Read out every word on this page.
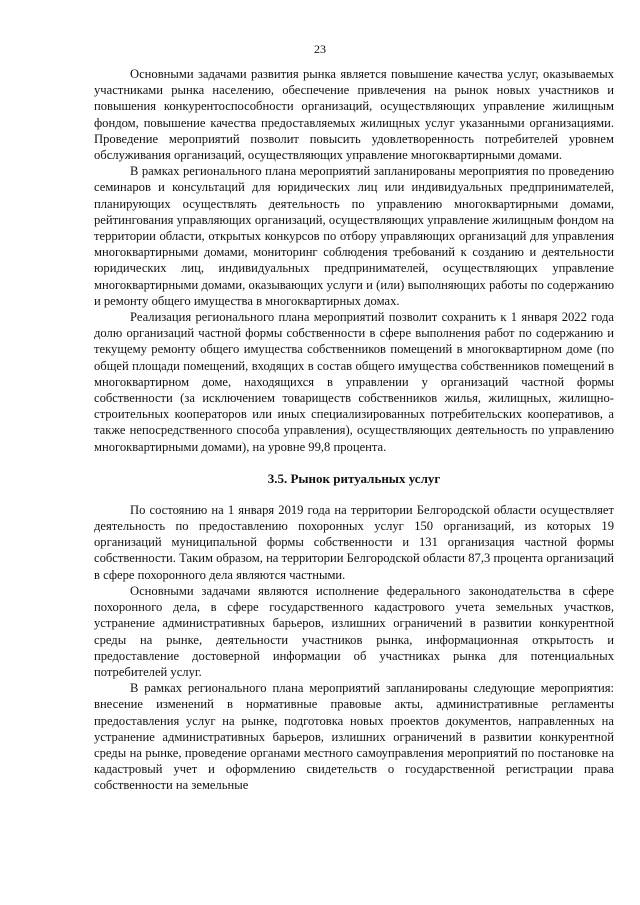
23

Основными задачами развития рынка является повышение качества услуг, оказываемых участниками рынка населению, обеспечение привлечения на рынок новых участников и повышения конкурентоспособности организаций, осуществляющих управление жилищным фондом, повышение качества предоставляемых жилищных услуг указанными организациями. Проведение мероприятий позволит повысить удовлетворенность потребителей уровнем обслуживания организаций, осуществляющих управление многоквартирными домами.

В рамках регионального плана мероприятий запланированы мероприятия по проведению семинаров и консультаций для юридических лиц или индивидуальных предпринимателей, планирующих осуществлять деятельность по управлению многоквартирными домами, рейтингования управляющих организаций, осуществляющих управление жилищным фондом на территории области, открытых конкурсов по отбору управляющих организаций для управления многоквартирными домами, мониторинг соблюдения требований к созданию и деятельности юридических лиц, индивидуальных предпринимателей, осуществляющих управление многоквартирными домами, оказывающих услуги и (или) выполняющих работы по содержанию и ремонту общего имущества в многоквартирных домах.

Реализация регионального плана мероприятий позволит сохранить к 1 января 2022 года долю организаций частной формы собственности в сфере выполнения работ по содержанию и текущему ремонту общего имущества собственников помещений в многоквартирном доме (по общей площади помещений, входящих в состав общего имущества собственников помещений в многоквартирном доме, находящихся в управлении у организаций частной формы собственности (за исключением товариществ собственников жилья, жилищных, жилищно-строительных кооператоров или иных специализированных потребительских кооперативов, а также непосредственного способа управления), осуществляющих деятельность по управлению многоквартирными домами), на уровне 99,8 процента.

3.5. Рынок ритуальных услуг

По состоянию на 1 января 2019 года на территории Белгородской области осуществляет деятельность по предоставлению похоронных услуг 150 организаций, из которых 19 организаций муниципальной формы собственности и 131 организация частной формы собственности. Таким образом, на территории Белгородской области 87,3 процента организаций в сфере похоронного дела являются частными.

Основными задачами являются исполнение федерального законодательства в сфере похоронного дела, в сфере государственного кадастрового учета земельных участков, устранение административных барьеров, излишних ограничений в развитии конкурентной среды на рынке, деятельности участников рынка, информационная открытость и предоставление достоверной информации об участниках рынка для потенциальных потребителей услуг.

В рамках регионального плана мероприятий запланированы следующие мероприятия: внесение изменений в нормативные правовые акты, административные регламенты предоставления услуг на рынке, подготовка новых проектов документов, направленных на устранение административных барьеров, излишних ограничений в развитии конкурентной среды на рынке, проведение органами местного самоуправления мероприятий по постановке на кадастровый учет и оформлению свидетельств о государственной регистрации права собственности на земельные
